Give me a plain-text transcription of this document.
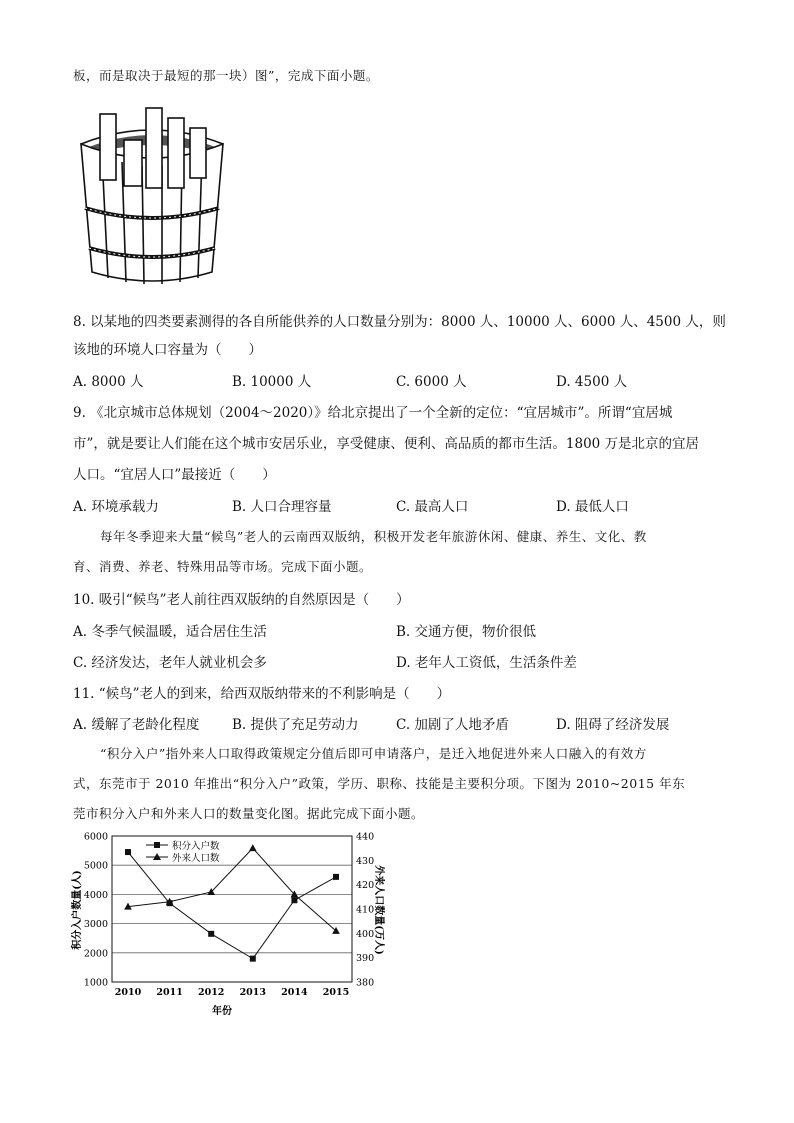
板，而是取决于最短的那一块）图”，完成下面小题。
8. 以某地的四类要素测得的各自所能供养的人口数量分别为：8000 人、10000 人、6000 人、4500 人，则
该地的环境人口容量为（　　）
A. 8000 人	B. 10000 人	C. 6000 人	D. 4500 人
9. 《北京城市总体规划（2004～2020）》给北京提出了一个全新的定位：“宜居城市”。所谓“宜居城
市”，就是要让人们能在这个城市安居乐业，享受健康、便利、高品质的都市生活。1800 万是北京的宜居
人口。“宜居人口”最接近（　　）
A. 环境承载力	B. 人口合理容量	C. 最高人口	D. 最低人口
每年冬季迎来大量“候鸟”老人的云南西双版纳，积极开发老年旅游休闲、健康、养生、文化、教
育、消费、养老、特殊用品等市场。完成下面小题。
10. 吸引“候鸟”老人前往西双版纳的自然原因是（　　）
A. 冬季气候温暖，适合居住生活	B. 交通方便，物价很低
C. 经济发达，老年人就业机会多	D. 老年人工资低，生活条件差
11. “候鸟”老人的到来，给西双版纳带来的不利影响是（　　）
A. 缓解了老龄化程度 B. 提供了充足劳动力	C. 加剧了人地矛盾	D. 阻碍了经济发展
“积分入户”指外来人口取得政策规定分值后即可申请落户，是迁入地促进外来人口融入的有效方
式，东莞市于 2010 年推出“积分入户”政策，学历、职称、技能是主要积分项。下图为 2010~2015 年东
莞市积分入户和外来人口的数量变化图。据此完成下面小题。
1000
2000
3000
4000
5000
6000
380
390
400
410
420
430
440
2010 2011 2012 2013 2014 2015
积分入户数
外来人口数
积分入户数量(人)	外来人口数量(万人)
年份
